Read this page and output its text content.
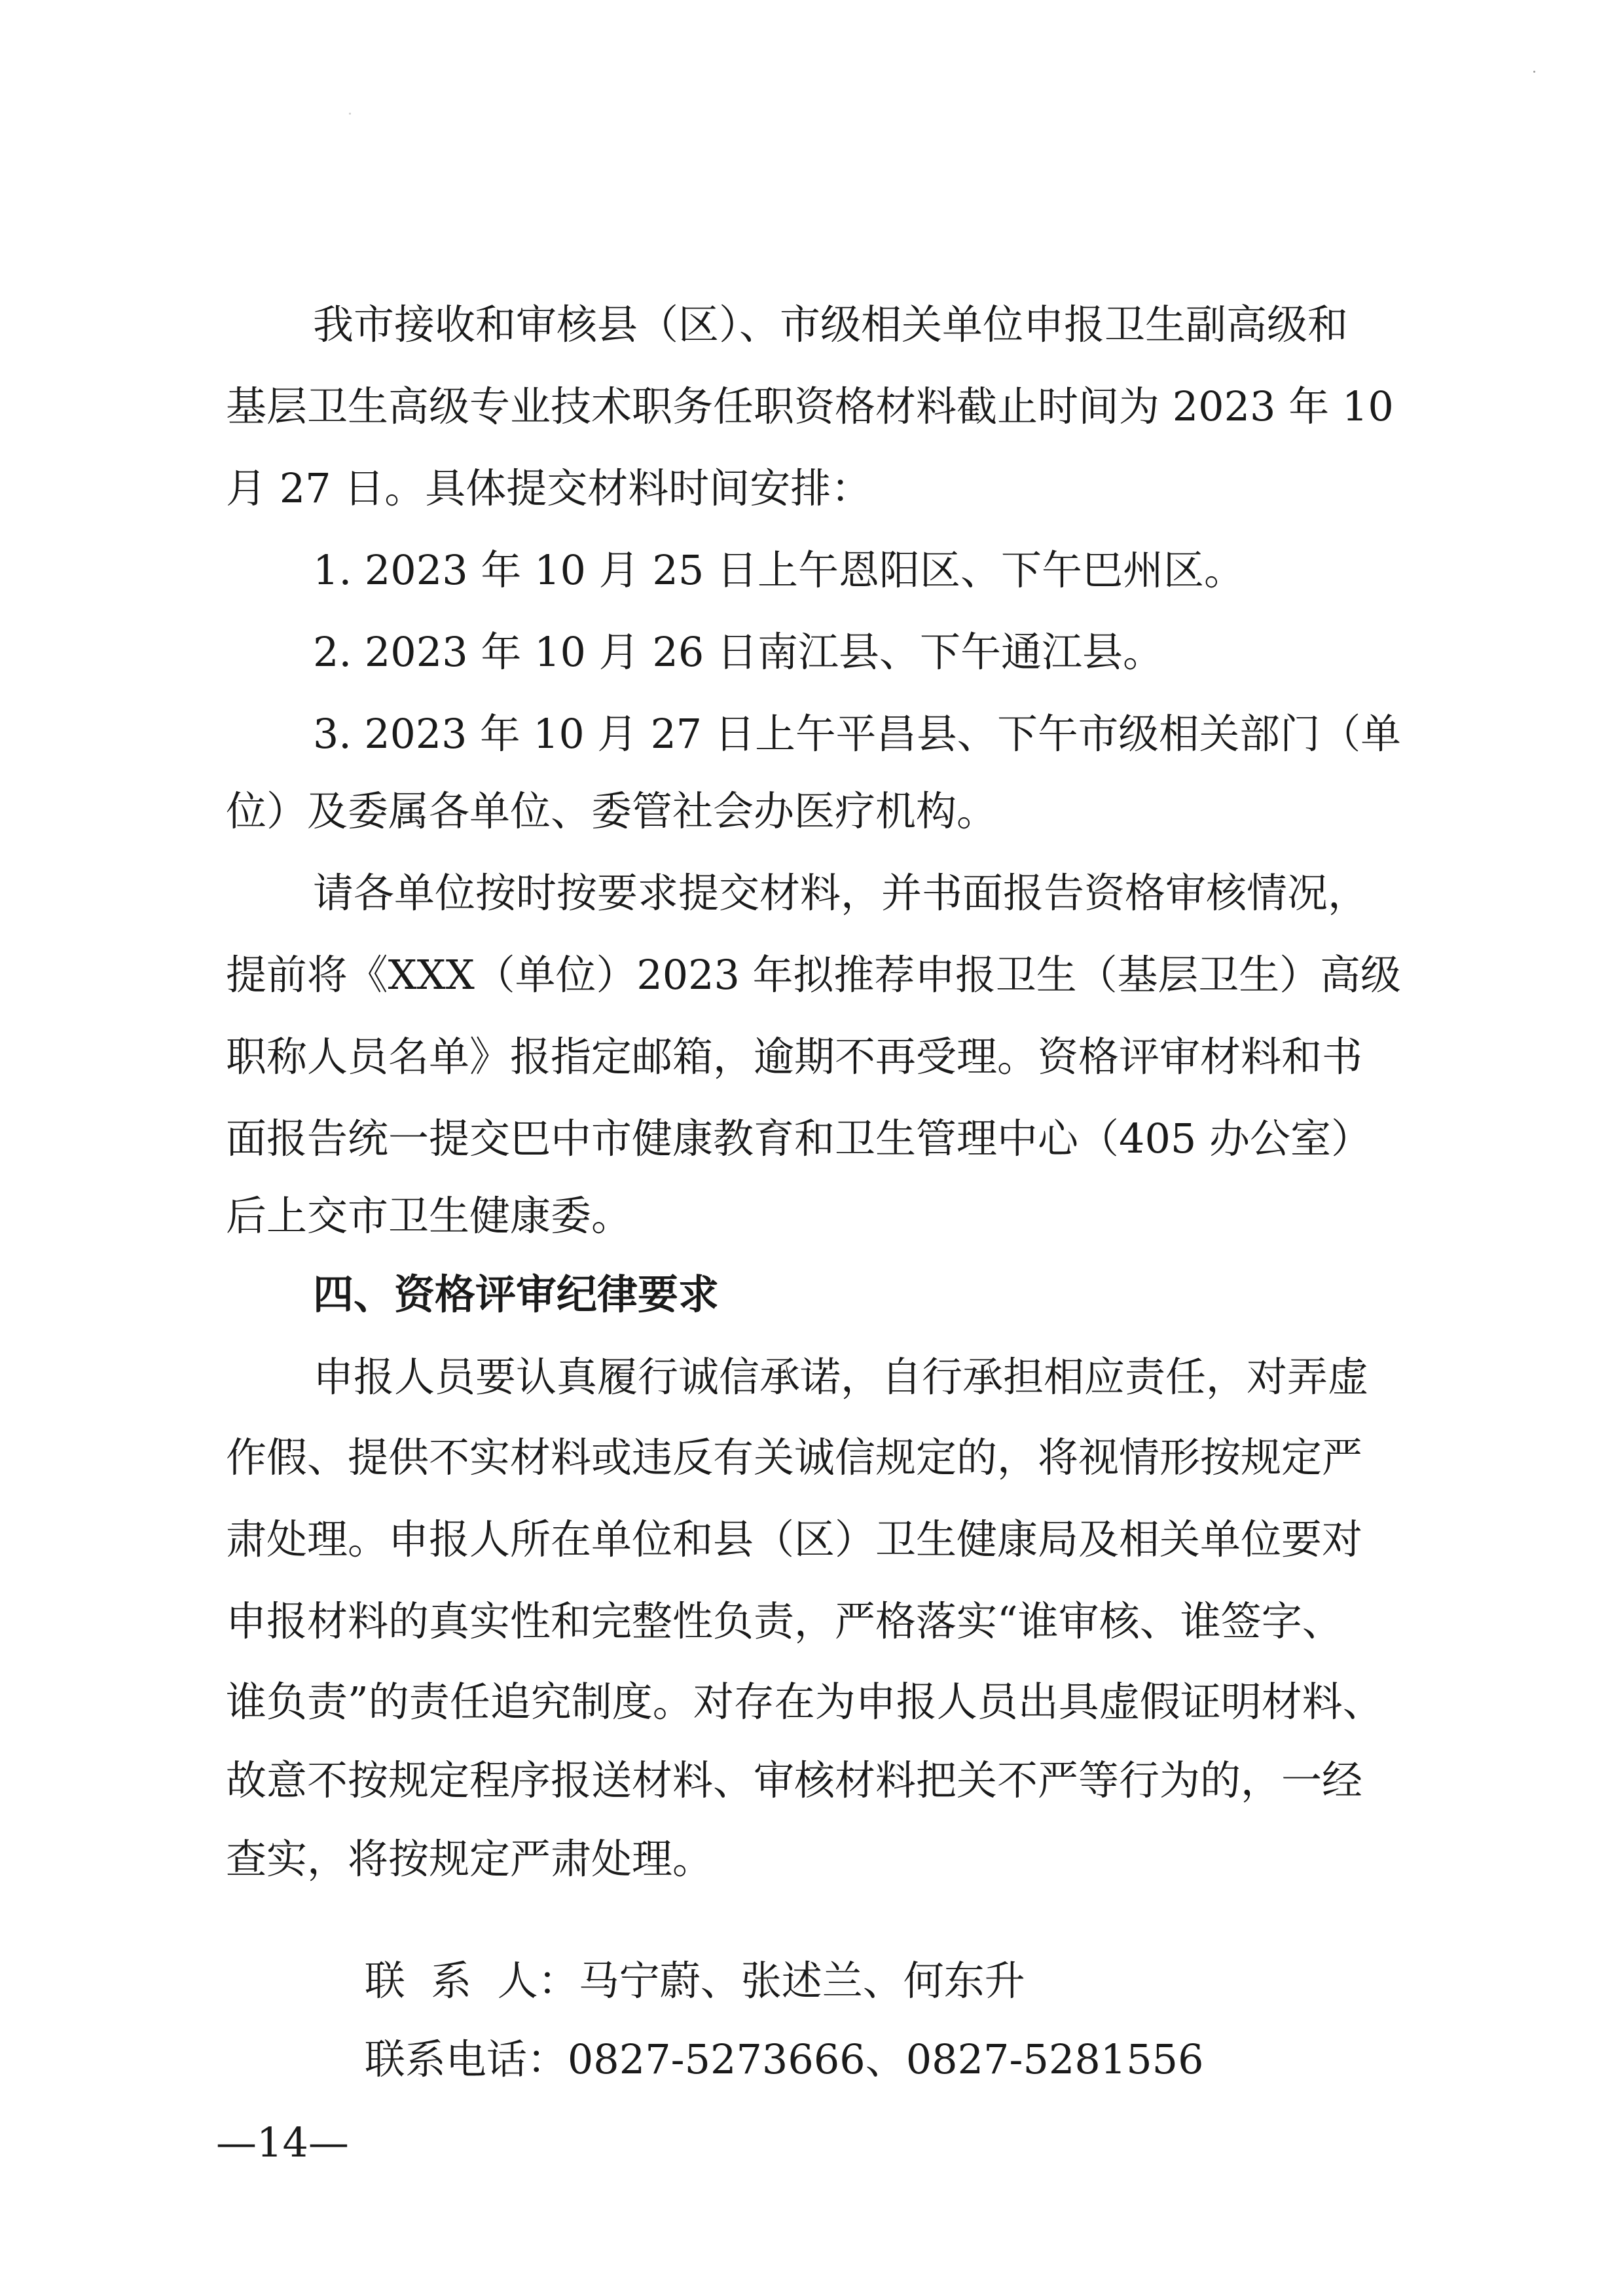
我市接收和审核县（区）、市级相关单位申报卫生副高级和
基层卫生高级专业技术职务任职资格材料截止时间为 2023 年 10
月 27 日。具体提交材料时间安排：
1. 2023 年 10 月 25 日上午恩阳区、下午巴州区。
2. 2023 年 10 月 26 日南江县、下午通江县。
3. 2023 年 10 月 27 日上午平昌县、下午市级相关部门（单
位）及委属各单位、委管社会办医疗机构。
请各单位按时按要求提交材料，并书面报告资格审核情况，
提前将《XXX（单位）2023 年拟推荐申报卫生（基层卫生）高级
职称人员名单》报指定邮箱，逾期不再受理。资格评审材料和书
面报告统一提交巴中市健康教育和卫生管理中心（405 办公室）
后上交市卫生健康委。
四、资格评审纪律要求
申报人员要认真履行诚信承诺，自行承担相应责任，对弄虚
作假、提供不实材料或违反有关诚信规定的，将视情形按规定严
肃处理。申报人所在单位和县（区）卫生健康局及相关单位要对
申报材料的真实性和完整性负责，严格落实“谁审核、谁签字、
谁负责”的责任追究制度。对存在为申报人员出具虚假证明材料、
故意不按规定程序报送材料、审核材料把关不严等行为的，一经
查实，将按规定严肃处理。

联  系  人：马宁蔚、张述兰、何东升

联系电话：0827-5273666、0827-5281556

—14—
